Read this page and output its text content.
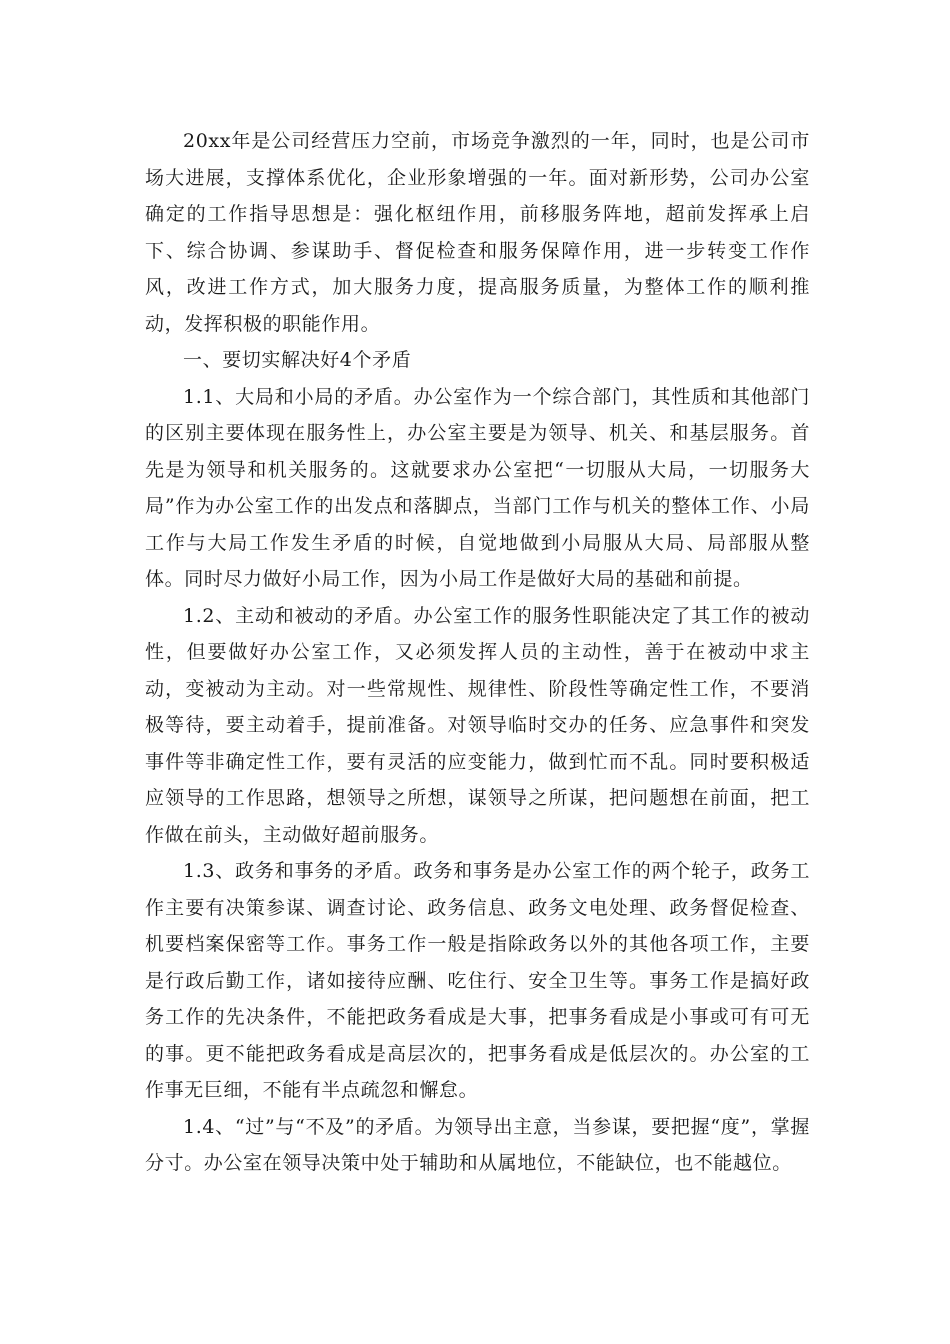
20xx年是公司经营压力空前，市场竞争激烈的一年，同时，也是公司市场大进展，支撑体系优化，企业形象增强的一年。面对新形势，公司办公室确定的工作指导思想是：强化枢纽作用，前移服务阵地，超前发挥承上启下、综合协调、参谋助手、督促检查和服务保障作用，进一步转变工作作风，改进工作方式，加大服务力度，提高服务质量，为整体工作的顺利推动，发挥积极的职能作用。

一、要切实解决好4个矛盾

1.1、大局和小局的矛盾。办公室作为一个综合部门，其性质和其他部门的区别主要体现在服务性上，办公室主要是为领导、机关、和基层服务。首先是为领导和机关服务的。这就要求办公室把“一切服从大局，一切服务大局”作为办公室工作的出发点和落脚点，当部门工作与机关的整体工作、小局工作与大局工作发生矛盾的时候，自觉地做到小局服从大局、局部服从整体。同时尽力做好小局工作，因为小局工作是做好大局的基础和前提。

1.2、主动和被动的矛盾。办公室工作的服务性职能决定了其工作的被动性，但要做好办公室工作，又必须发挥人员的主动性，善于在被动中求主动，变被动为主动。对一些常规性、规律性、阶段性等确定性工作，不要消极等待，要主动着手，提前准备。对领导临时交办的任务、应急事件和突发事件等非确定性工作，要有灵活的应变能力，做到忙而不乱。同时要积极适应领导的工作思路，想领导之所想，谋领导之所谋，把问题想在前面，把工作做在前头，主动做好超前服务。

1.3、政务和事务的矛盾。政务和事务是办公室工作的两个轮子，政务工作主要有决策参谋、调查讨论、政务信息、政务文电处理、政务督促检查、机要档案保密等工作。事务工作一般是指除政务以外的其他各项工作，主要是行政后勤工作，诸如接待应酬、吃住行、安全卫生等。事务工作是搞好政务工作的先决条件，不能把政务看成是大事，把事务看成是小事或可有可无的事。更不能把政务看成是高层次的，把事务看成是低层次的。办公室的工作事无巨细，不能有半点疏忽和懈怠。

1.4、“过”与“不及”的矛盾。为领导出主意，当参谋，要把握“度”，掌握分寸。办公室在领导决策中处于辅助和从属地位，不能缺位，也不能越位。
